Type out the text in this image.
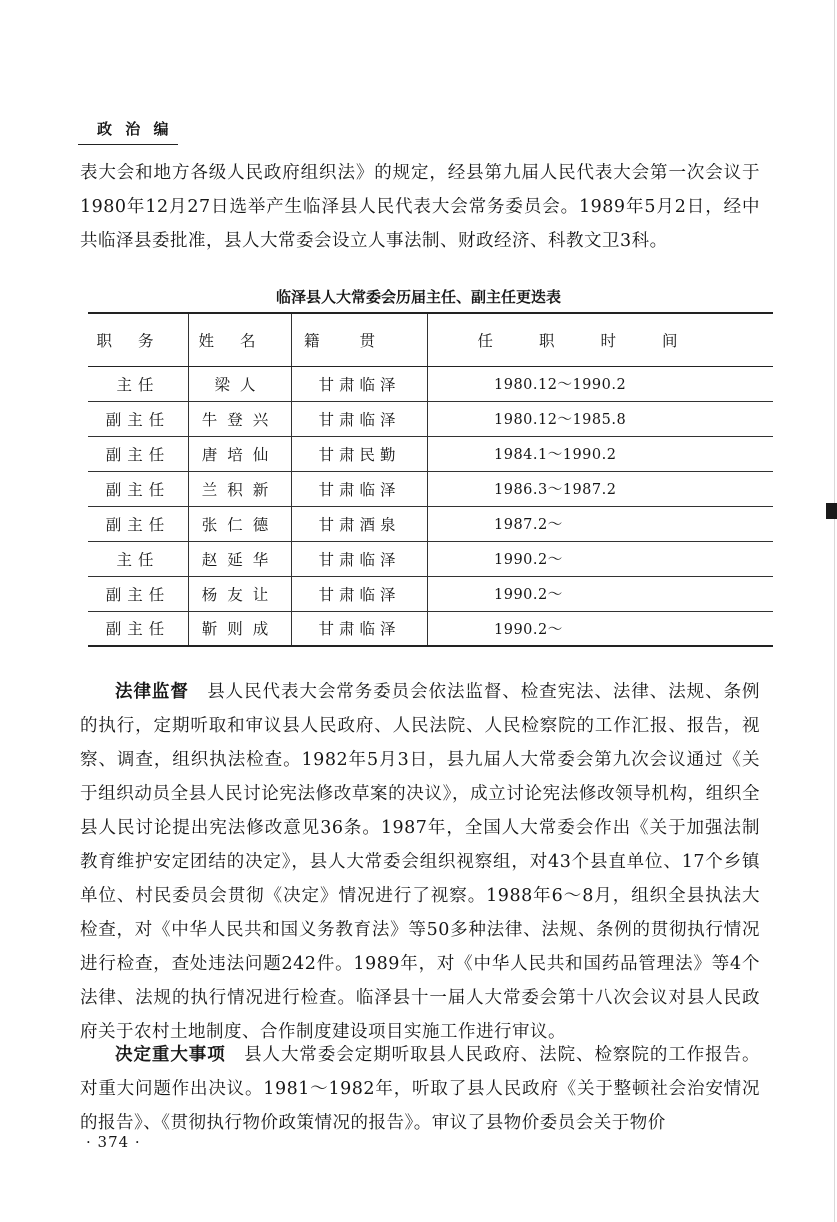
政 治 编

表大会和地方各级人民政府组织法》的规定，经县第九届人民代表大会第一次会议于1980年12月27日选举产生临泽县人民代表大会常务委员会。1989年5月2日，经中共临泽县委批准，县人大常委会设立人事法制、财政经济、科教文卫3科。

临泽县人大常委会历届主任、副主任更迭表
职务	姓名	籍贯	任职时间
主任	梁人	甘肃临泽	1980.12～1990.2
副主任	牛登兴	甘肃临泽	1980.12～1985.8
副主任	唐培仙	甘肃民勤	1984.1～1990.2
副主任	兰积新	甘肃临泽	1986.3～1987.2
副主任	张仁德	甘肃酒泉	1987.2～
主任	赵延华	甘肃临泽	1990.2～
副主任	杨友让	甘肃临泽	1990.2～
副主任	靳则成	甘肃临泽	1990.2～

法律监督　 县人民代表大会常务委员会依法监督、检查宪法、法律、法规、条例的执行，定期听取和审议县人民政府、人民法院、人民检察院的工作汇报、报告，视察、调查，组织执法检查。1982年5月3日，县九届人大常委会第九次会议通过《关于组织动员全县人民讨论宪法修改草案的决议》，成立讨论宪法修改领导机构，组织全县人民讨论提出宪法修改意见36条。1987年，全国人大常委会作出《关于加强法制教育维护安定团结的决定》，县人大常委会组织视察组，对43个县直单位、17个乡镇单位、村民委员会贯彻《决定》情况进行了视察。1988年6～8月，组织全县执法大检查，对《中华人民共和国义务教育法》等50多种法律、法规、条例的贯彻执行情况进行检查，查处违法问题242件。1989年，对《中华人民共和国药品管理法》等4个法律、法规的执行情况进行检查。临泽县十一届人大常委会第十八次会议对县人民政府关于农村土地制度、合作制度建设项目实施工作进行审议。

决定重大事项　 县人大常委会定期听取县人民政府、法院、检察院的工作报告。对重大问题作出决议。1981～1982年，听取了县人民政府《关于整顿社会治安情况的报告》、《贯彻执行物价政策情况的报告》。审议了县物价委员会关于物价

· 374 ·
